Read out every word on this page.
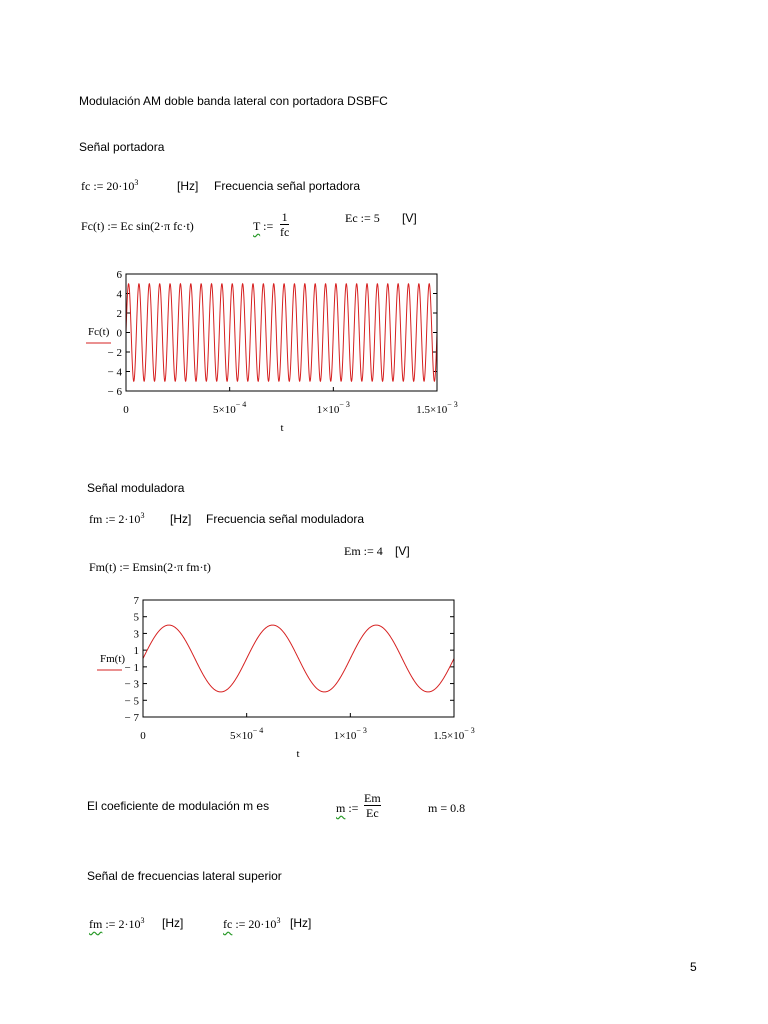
Modulación AM doble banda lateral con portadora DSBFC
Señal portadora
fc := $20\cdot 10^3$	[Hz] Frecuencia señal portadora
Fc(t) := Ec sin(2·π fc·t)	T :=
1
fc
Ec := 5 [V]
6
4
2
0
− 2
− 4
− 6
0	$5\times 10^{- 4}$	$1\times 10^{- 3}$	$1.5\times 10^{- 3}$
Fc(t)
t
Señal moduladora
fm := $2\cdot 10^3$ [Hz] Frecuencia señal moduladora
Em := 4 [V]
Fm(t) := Emsin(2·π fm·t)
7
5
3
1
− 1
− 3
− 5
− 7
0	$5\times 10^{- 4}$	$1\times 10^{- 3}$	$1.5\times 10^{- 3}$
Fm(t)
t
El coeficiente de modulación m es	m :=
Em
Ec	m = 0.8
Señal de frecuencias lateral superior
fm := $2\cdot 10^3$ [Hz]	fc := $20\cdot 10^3$ [Hz]
5
